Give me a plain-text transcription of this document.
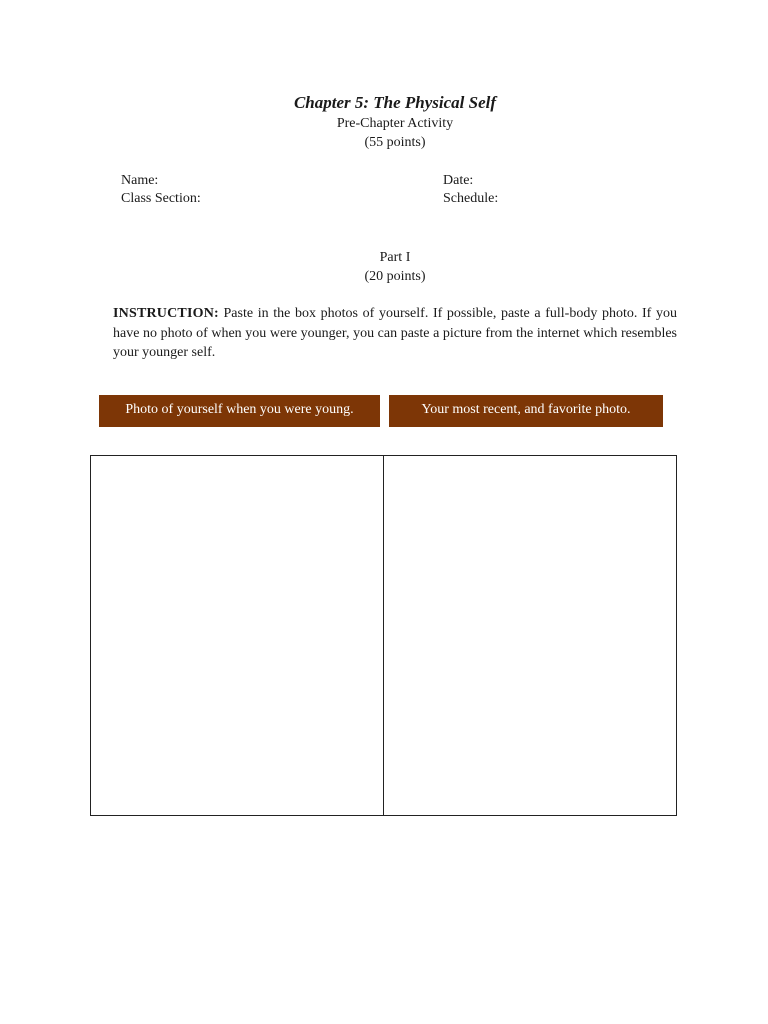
Chapter 5: The Physical Self
Pre-Chapter Activity
(55 points)
Name:	Date:
Class Section:	Schedule:
Part I
(20 points)

INSTRUCTION: Paste in the box photos of yourself. If possible, paste a full-body photo. If you have no photo of when you were younger, you can paste a picture from the internet which resembles your younger self.

Photo of yourself when you were young.	Your most recent, and favorite photo.
